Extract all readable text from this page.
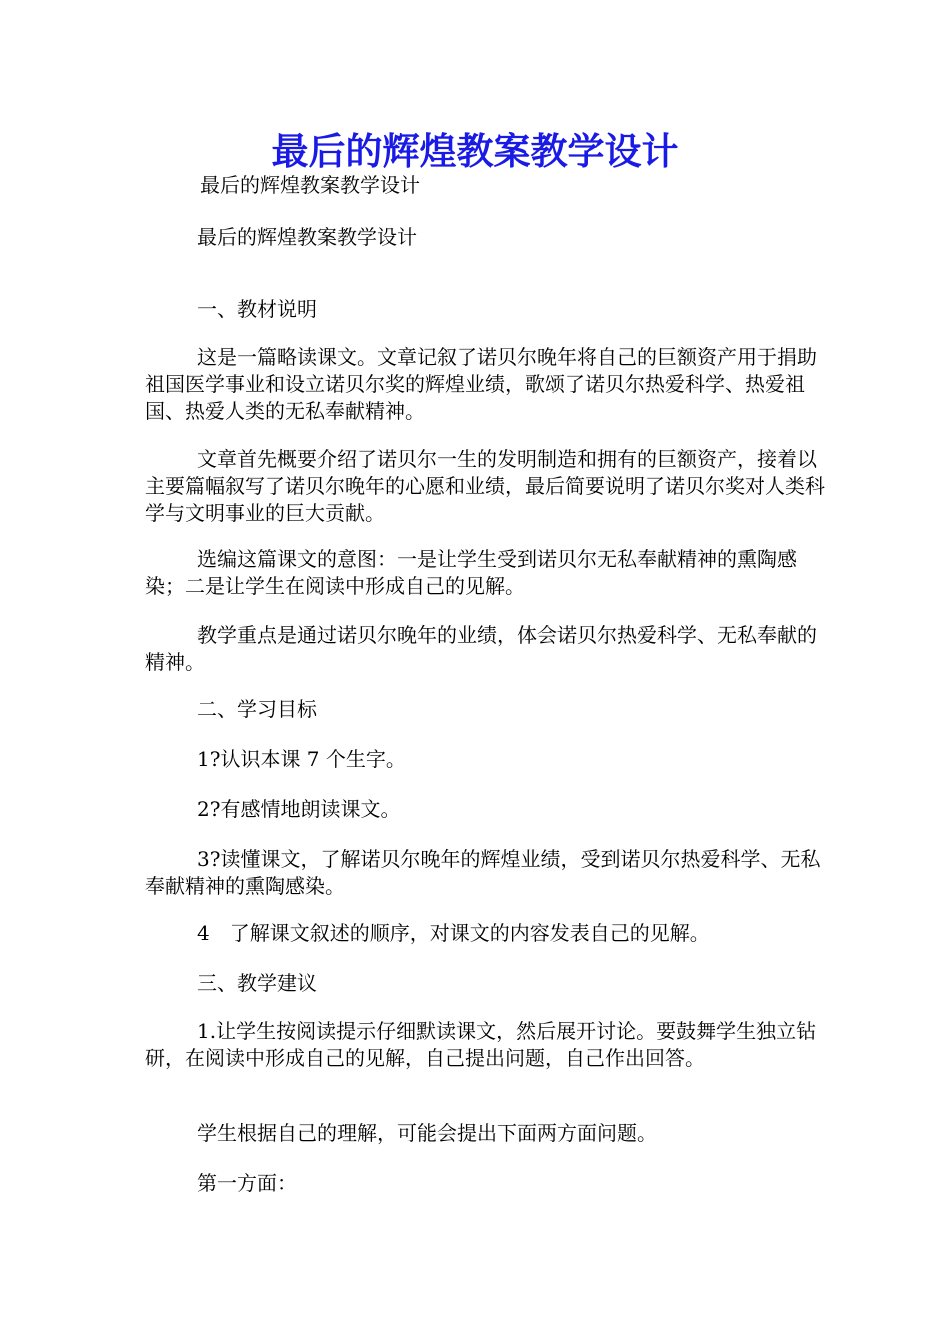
最后的辉煌教案教学设计

最后的辉煌教案教学设计

最后的辉煌教案教学设计

一、教材说明

这是一篇略读课文。文章记叙了诺贝尔晚年将自己的巨额资产用于捐助祖国医学事业和设立诺贝尔奖的辉煌业绩，歌颂了诺贝尔热爱科学、热爱祖国、热爱人类的无私奉献精神。

文章首先概要介绍了诺贝尔一生的发明制造和拥有的巨额资产，接着以主要篇幅叙写了诺贝尔晚年的心愿和业绩，最后简要说明了诺贝尔奖对人类科学与文明事业的巨大贡献。

选编这篇课文的意图：一是让学生受到诺贝尔无私奉献精神的熏陶感染；二是让学生在阅读中形成自己的见解。

教学重点是通过诺贝尔晚年的业绩，体会诺贝尔热爱科学、无私奉献的精神。

二、学习目标

1?认识本课 7 个生字。

2?有感情地朗读课文。

3?读懂课文，了解诺贝尔晚年的辉煌业绩，受到诺贝尔热爱科学、无私奉献精神的熏陶感染。

4　了解课文叙述的顺序，对课文的内容发表自己的见解。

三、教学建议

1.让学生按阅读提示仔细默读课文，然后展开讨论。要鼓舞学生独立钻研，在阅读中形成自己的见解，自己提出问题，自己作出回答。

学生根据自己的理解，可能会提出下面两方面问题。

第一方面：
